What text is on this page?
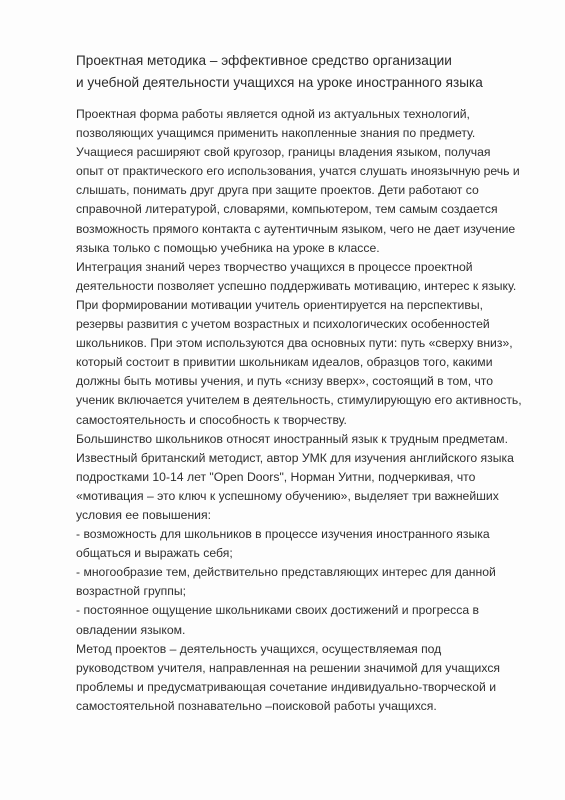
Проектная методика – эффективное средство организации
и учебной деятельности учащихся на уроке иностранного языка
Проектная форма работы является одной из актуальных технологий,
позволяющих учащимся применить накопленные знания по предмету.
Учащиеся расширяют свой кругозор, границы владения языком, получая
опыт от практического его использования, учатся слушать иноязычную речь и
слышать, понимать друг друга при защите проектов. Дети работают со
справочной литературой, словарями, компьютером, тем самым создается
возможность прямого контакта с аутентичным языком, чего не дает изучение
языка только с помощью учебника на уроке в классе.
Интеграция знаний через творчество учащихся в процессе проектной
деятельности позволяет успешно поддерживать мотивацию, интерес к языку.
При формировании мотивации учитель ориентируется на перспективы,
резервы развития с учетом возрастных и психологических особенностей
школьников. При этом используются два основных пути: путь «сверху вниз»,
который состоит в привитии школьникам идеалов, образцов того, какими
должны быть мотивы учения, и путь «снизу вверх», состоящий в том, что
ученик включается учителем в деятельность, стимулирующую его активность,
самостоятельность и способность к творчеству.
Большинство школьников относят иностранный язык к трудным предметам.
Известный британский методист, автор УМК для изучения английского языка
подростками 10-14 лет "Open Doors", Норман Уитни, подчеркивая, что
«мотивация – это ключ к успешному обучению», выделяет три важнейших
условия ее повышения:
- возможность для школьников в процессе изучения иностранного языка
общаться и выражать себя;
- многообразие тем, действительно представляющих интерес для данной
возрастной группы;
- постоянное ощущение школьниками своих достижений и прогресса в
овладении языком.
Метод проектов – деятельность учащихся, осуществляемая под
руководством учителя, направленная на решении значимой для учащихся
проблемы и предусматривающая сочетание индивидуально-творческой и
самостоятельной познавательно –поисковой работы учащихся.
